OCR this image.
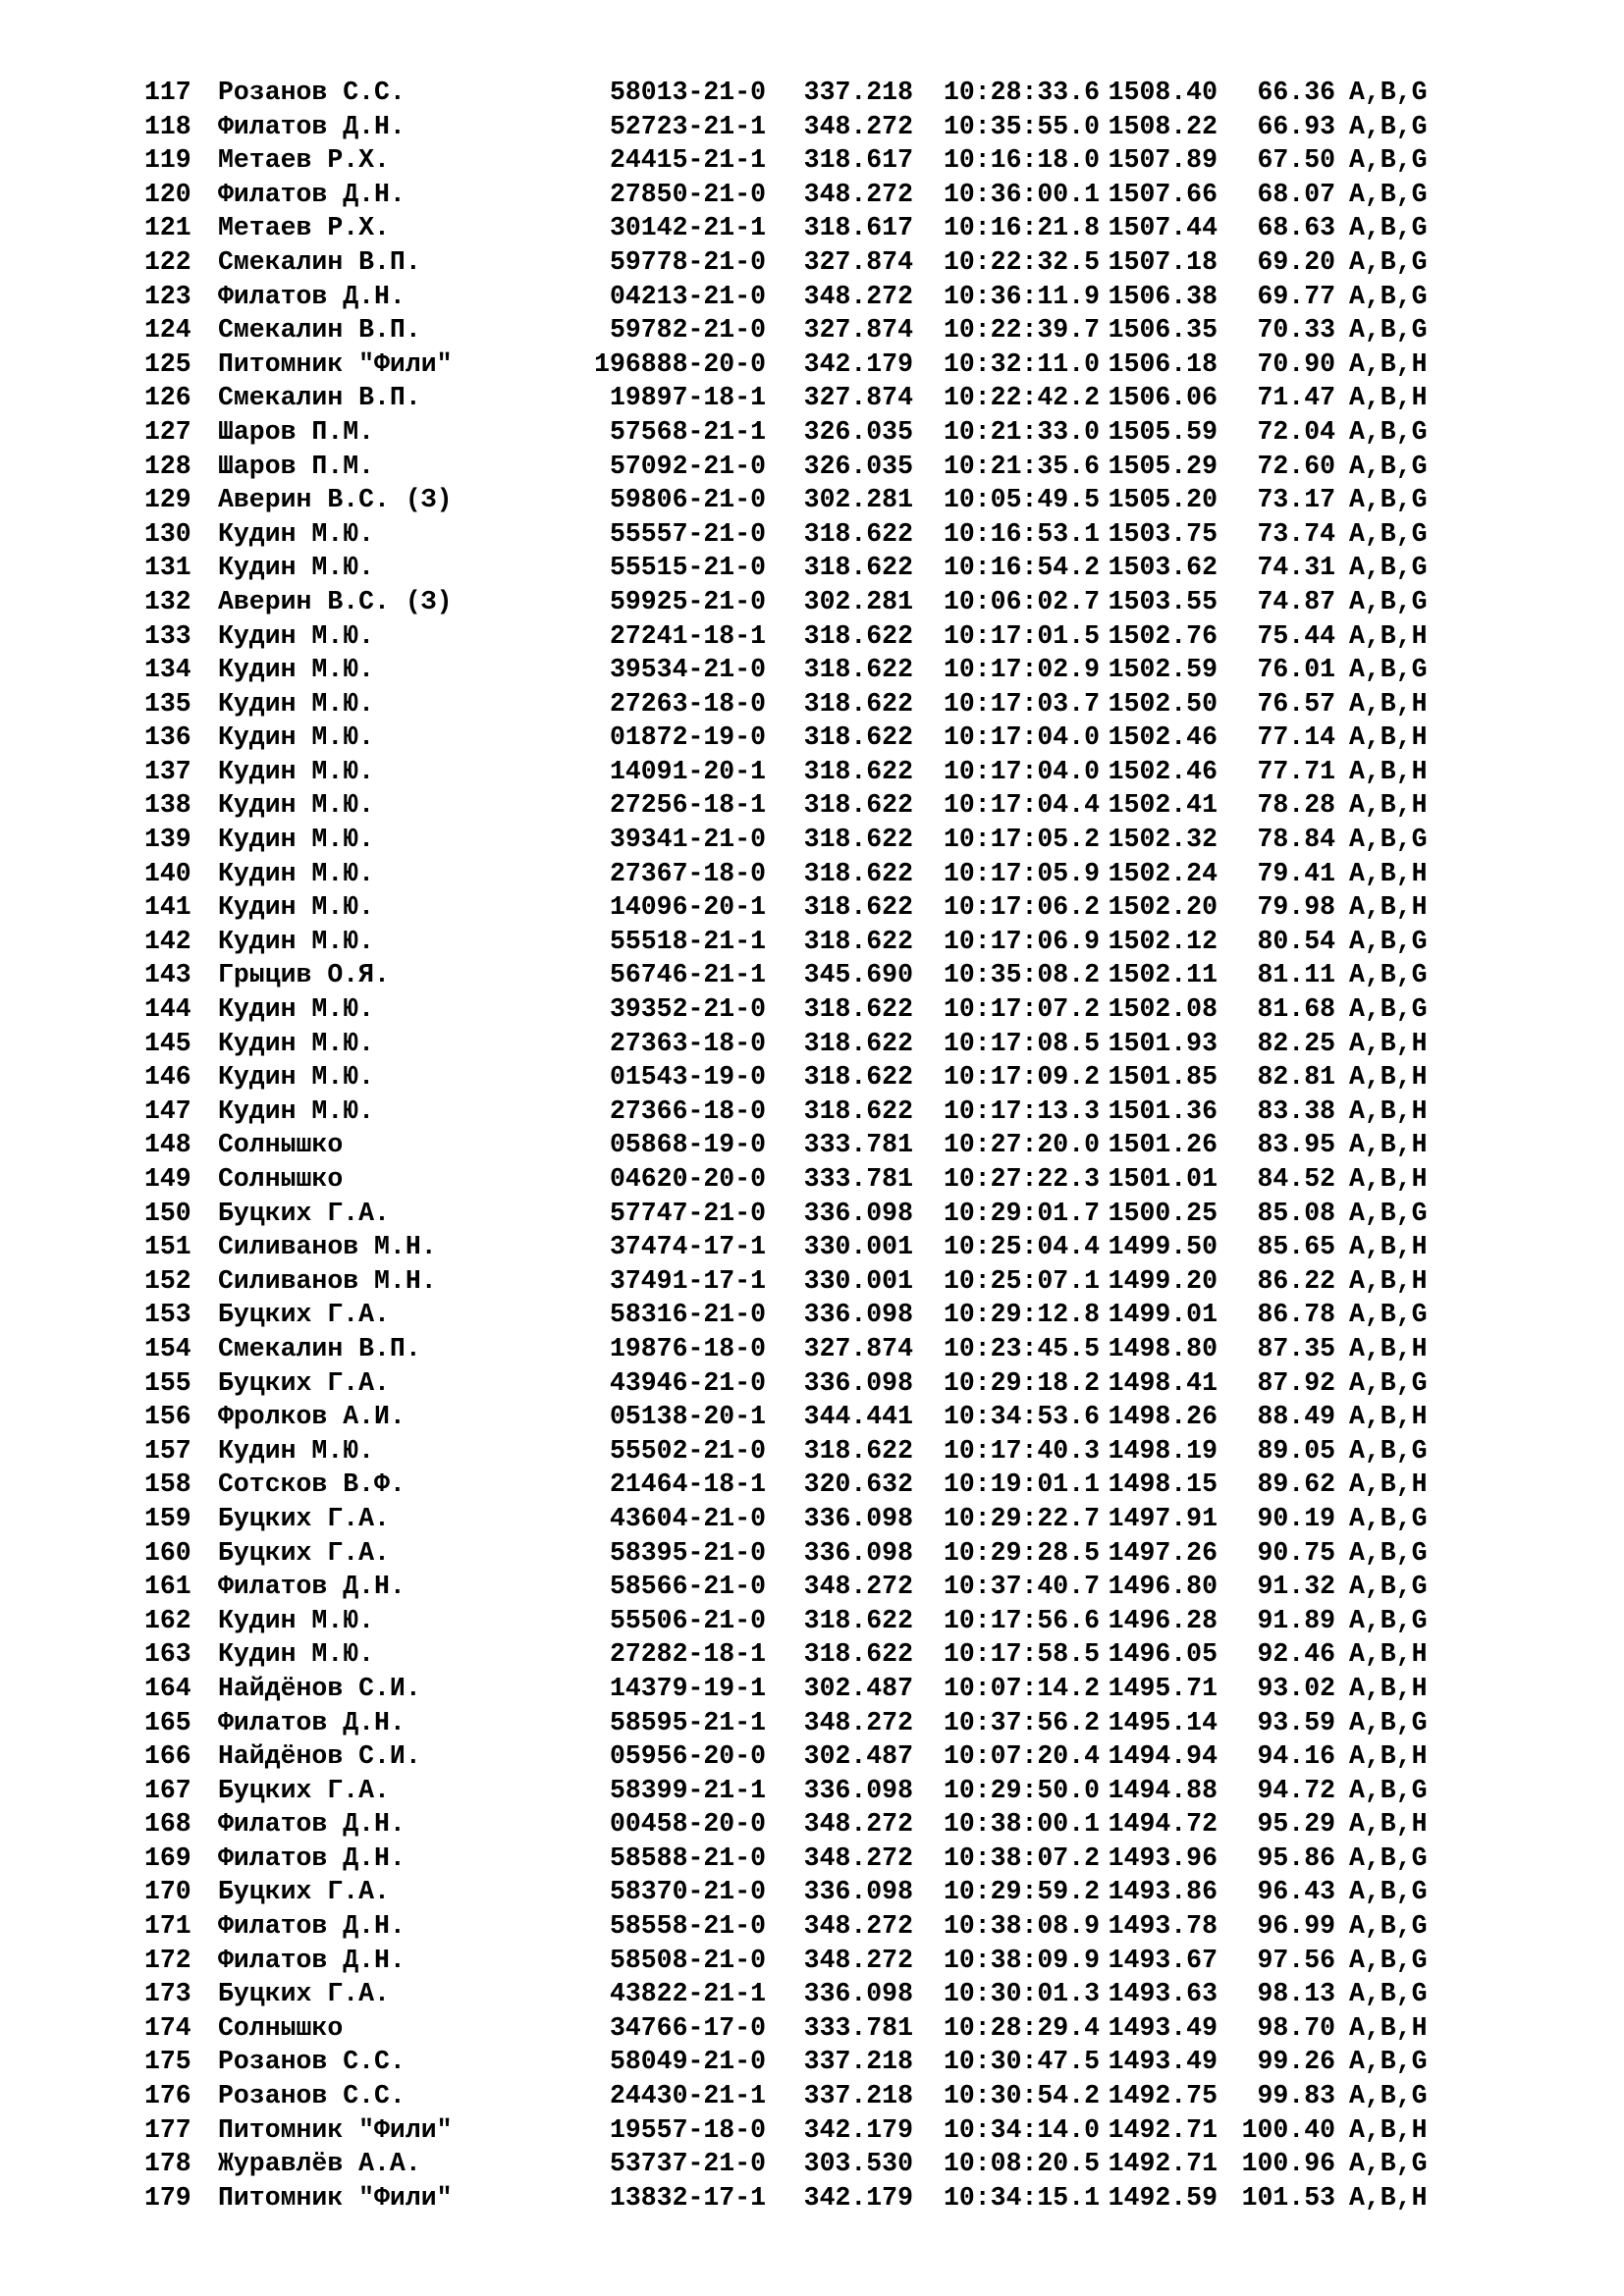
117	Розанов С.С.	58013-21-0	337.218	10:28:33.6 1508.40	66.36 A,B,G
118	Филатов Д.Н.	52723-21-1	348.272	10:35:55.0 1508.22	66.93 A,B,G
119	Метаев Р.Х.	24415-21-1	318.617	10:16:18.0 1507.89	67.50 A,B,G
120	Филатов Д.Н.	27850-21-0	348.272	10:36:00.1 1507.66	68.07 A,B,G
121	Метаев Р.Х.	30142-21-1	318.617	10:16:21.8 1507.44	68.63 A,B,G
122	Смекалин В.П.	59778-21-0	327.874	10:22:32.5 1507.18	69.20 A,B,G
123	Филатов Д.Н.	04213-21-0	348.272	10:36:11.9 1506.38	69.77 A,B,G
124	Смекалин В.П.	59782-21-0	327.874	10:22:39.7 1506.35	70.33 A,B,G
125	Питомник "Фили"	196888-20-0	342.179	10:32:11.0 1506.18	70.90 A,B,H
126	Смекалин В.П.	19897-18-1	327.874	10:22:42.2 1506.06	71.47 A,B,H
127	Шаров П.М.	57568-21-1	326.035	10:21:33.0 1505.59	72.04 A,B,G
128	Шаров П.М.	57092-21-0	326.035	10:21:35.6 1505.29	72.60 A,B,G
129	Аверин В.С. (З)	59806-21-0	302.281	10:05:49.5 1505.20	73.17 A,B,G
130	Кудин М.Ю.	55557-21-0	318.622	10:16:53.1 1503.75	73.74 A,B,G
131	Кудин М.Ю.	55515-21-0	318.622	10:16:54.2 1503.62	74.31 A,B,G
132	Аверин В.С. (З)	59925-21-0	302.281	10:06:02.7 1503.55	74.87 A,B,G
133	Кудин М.Ю.	27241-18-1	318.622	10:17:01.5 1502.76	75.44 A,B,H
134	Кудин М.Ю.	39534-21-0	318.622	10:17:02.9 1502.59	76.01 A,B,G
135	Кудин М.Ю.	27263-18-0	318.622	10:17:03.7 1502.50	76.57 A,B,H
136	Кудин М.Ю.	01872-19-0	318.622	10:17:04.0 1502.46	77.14 A,B,H
137	Кудин М.Ю.	14091-20-1	318.622	10:17:04.0 1502.46	77.71 A,B,H
138	Кудин М.Ю.	27256-18-1	318.622	10:17:04.4 1502.41	78.28 A,B,H
139	Кудин М.Ю.	39341-21-0	318.622	10:17:05.2 1502.32	78.84 A,B,G
140	Кудин М.Ю.	27367-18-0	318.622	10:17:05.9 1502.24	79.41 A,B,H
141	Кудин М.Ю.	14096-20-1	318.622	10:17:06.2 1502.20	79.98 A,B,H
142	Кудин М.Ю.	55518-21-1	318.622	10:17:06.9 1502.12	80.54 A,B,G
143	Грыцив О.Я.	56746-21-1	345.690	10:35:08.2 1502.11	81.11 A,B,G
144	Кудин М.Ю.	39352-21-0	318.622	10:17:07.2 1502.08	81.68 A,B,G
145	Кудин М.Ю.	27363-18-0	318.622	10:17:08.5 1501.93	82.25 A,B,H
146	Кудин М.Ю.	01543-19-0	318.622	10:17:09.2 1501.85	82.81 A,B,H
147	Кудин М.Ю.	27366-18-0	318.622	10:17:13.3 1501.36	83.38 A,B,H
148	Солнышко	05868-19-0	333.781	10:27:20.0 1501.26	83.95 A,B,H
149	Солнышко	04620-20-0	333.781	10:27:22.3 1501.01	84.52 A,B,H
150	Буцких Г.А.	57747-21-0	336.098	10:29:01.7 1500.25	85.08 A,B,G
151	Силиванов М.Н.	37474-17-1	330.001	10:25:04.4 1499.50	85.65 A,B,H
152	Силиванов М.Н.	37491-17-1	330.001	10:25:07.1 1499.20	86.22 A,B,H
153	Буцких Г.А.	58316-21-0	336.098	10:29:12.8 1499.01	86.78 A,B,G
154	Смекалин В.П.	19876-18-0	327.874	10:23:45.5 1498.80	87.35 A,B,H
155	Буцких Г.А.	43946-21-0	336.098	10:29:18.2 1498.41	87.92 A,B,G
156	Фролков А.И.	05138-20-1	344.441	10:34:53.6 1498.26	88.49 A,B,H
157	Кудин М.Ю.	55502-21-0	318.622	10:17:40.3 1498.19	89.05 A,B,G
158	Сотсков В.Ф.	21464-18-1	320.632	10:19:01.1 1498.15	89.62 A,B,H
159	Буцких Г.А.	43604-21-0	336.098	10:29:22.7 1497.91	90.19 A,B,G
160	Буцких Г.А.	58395-21-0	336.098	10:29:28.5 1497.26	90.75 A,B,G
161	Филатов Д.Н.	58566-21-0	348.272	10:37:40.7 1496.80	91.32 A,B,G
162	Кудин М.Ю.	55506-21-0	318.622	10:17:56.6 1496.28	91.89 A,B,G
163	Кудин М.Ю.	27282-18-1	318.622	10:17:58.5 1496.05	92.46 A,B,H
164	Найдёнов С.И.	14379-19-1	302.487	10:07:14.2 1495.71	93.02 A,B,H
165	Филатов Д.Н.	58595-21-1	348.272	10:37:56.2 1495.14	93.59 A,B,G
166	Найдёнов С.И.	05956-20-0	302.487	10:07:20.4 1494.94	94.16 A,B,H
167	Буцких Г.А.	58399-21-1	336.098	10:29:50.0 1494.88	94.72 A,B,G
168	Филатов Д.Н.	00458-20-0	348.272	10:38:00.1 1494.72	95.29 A,B,H
169	Филатов Д.Н.	58588-21-0	348.272	10:38:07.2 1493.96	95.86 A,B,G
170	Буцких Г.А.	58370-21-0	336.098	10:29:59.2 1493.86	96.43 A,B,G
171	Филатов Д.Н.	58558-21-0	348.272	10:38:08.9 1493.78	96.99 A,B,G
172	Филатов Д.Н.	58508-21-0	348.272	10:38:09.9 1493.67	97.56 A,B,G
173	Буцких Г.А.	43822-21-1	336.098	10:30:01.3 1493.63	98.13 A,B,G
174	Солнышко	34766-17-0	333.781	10:28:29.4 1493.49	98.70 A,B,H
175	Розанов С.С.	58049-21-0	337.218	10:30:47.5 1493.49	99.26 A,B,G
176	Розанов С.С.	24430-21-1	337.218	10:30:54.2 1492.75	99.83 A,B,G
177	Питомник "Фили"	19557-18-0	342.179	10:34:14.0 1492.71 100.40 A,B,H
178	Журавлёв А.А.	53737-21-0	303.530	10:08:20.5 1492.71 100.96 A,B,G
179	Питомник "Фили"	13832-17-1	342.179	10:34:15.1 1492.59 101.53 A,B,H
